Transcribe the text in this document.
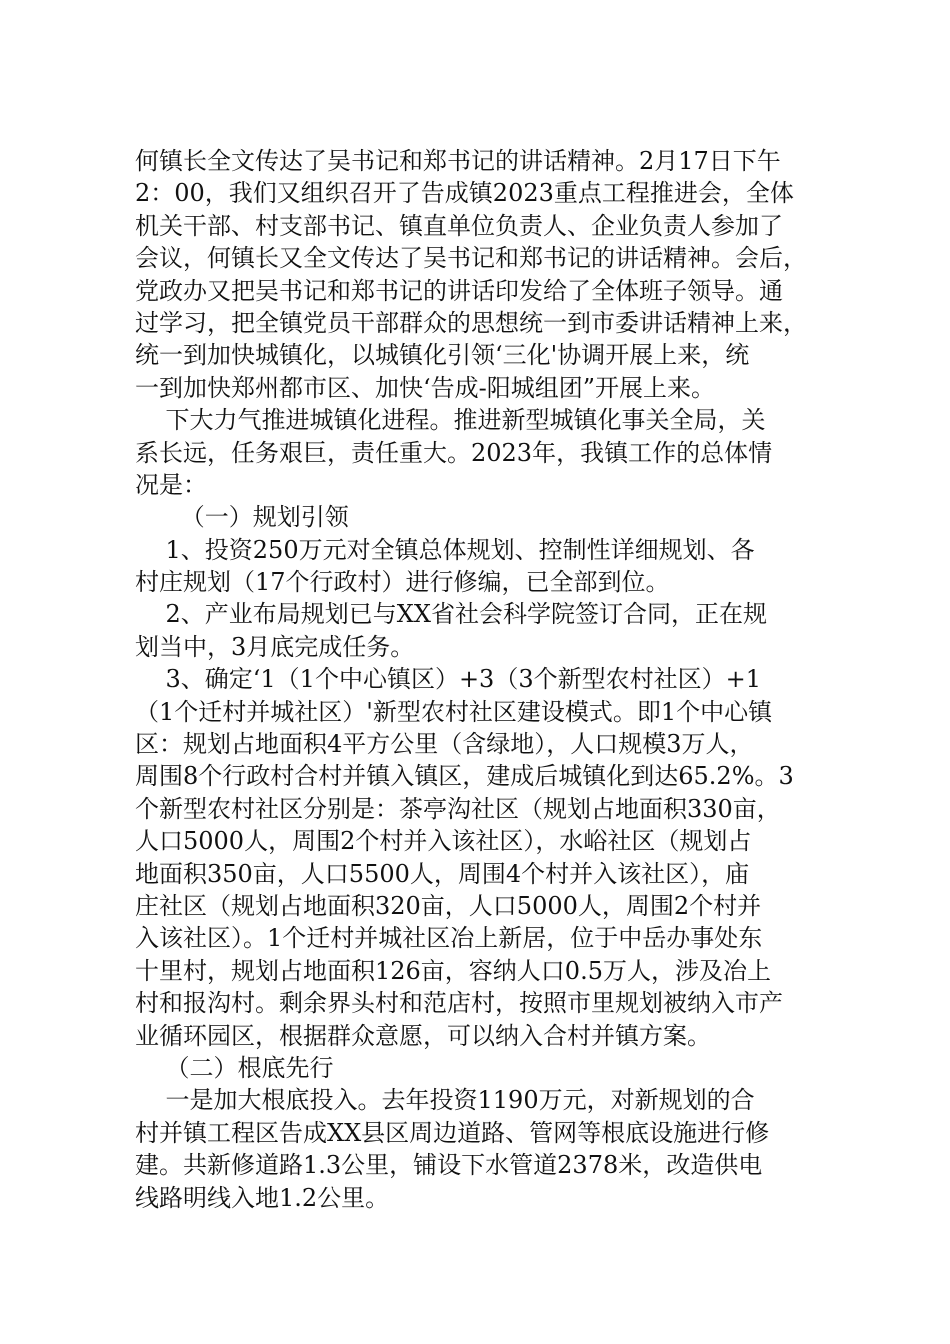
何镇长全文传达了吴书记和郑书记的讲话精神。2月17日下午
2：00，我们又组织召开了告成镇2023重点工程推进会，全体
机关干部、村支部书记、镇直单位负责人、企业负责人参加了
会议，何镇长又全文传达了吴书记和郑书记的讲话精神。会后，
党政办又把吴书记和郑书记的讲话印发给了全体班子领导。通
过学习，把全镇党员干部群众的思想统一到市委讲话精神上来，
统一到加快城镇化，以城镇化引领‘三化'协调开展上来，统
一到加快郑州都市区、加快‘告成-阳城组团”开展上来。
下大力气推进城镇化进程。推进新型城镇化事关全局，关
系长远，任务艰巨，责任重大。2023年，我镇工作的总体情
况是：
（一）规划引领
1、投资250万元对全镇总体规划、控制性详细规划、各
村庄规划（17个行政村）进行修编，已全部到位。
2、产业布局规划已与XX省社会科学院签订合同，正在规
划当中，3月底完成任务。
3、确定‘1（1个中心镇区）+3（3个新型农村社区）+1
（1个迁村并城社区）'新型农村社区建设模式。即1个中心镇
区：规划占地面积4平方公里（含绿地），人口规模3万人，
周围8个行政村合村并镇入镇区，建成后城镇化到达65.2%。3
个新型农村社区分别是：茶亭沟社区（规划占地面积330亩，
人口5000人，周围2个村并入该社区），水峪社区（规划占
地面积350亩，人口5500人，周围4个村并入该社区），庙
庄社区（规划占地面积320亩，人口5000人，周围2个村并
入该社区）。1个迁村并城社区冶上新居，位于中岳办事处东
十里村，规划占地面积126亩，容纳人口0.5万人，涉及冶上
村和报沟村。剩余界头村和范店村，按照市里规划被纳入市产
业循环园区，根据群众意愿，可以纳入合村并镇方案。
（二）根底先行
一是加大根底投入。去年投资1190万元，对新规划的合
村并镇工程区告成XX县区周边道路、管网等根底设施进行修
建。共新修道路1.3公里，铺设下水管道2378米，改造供电
线路明线入地1.2公里。
